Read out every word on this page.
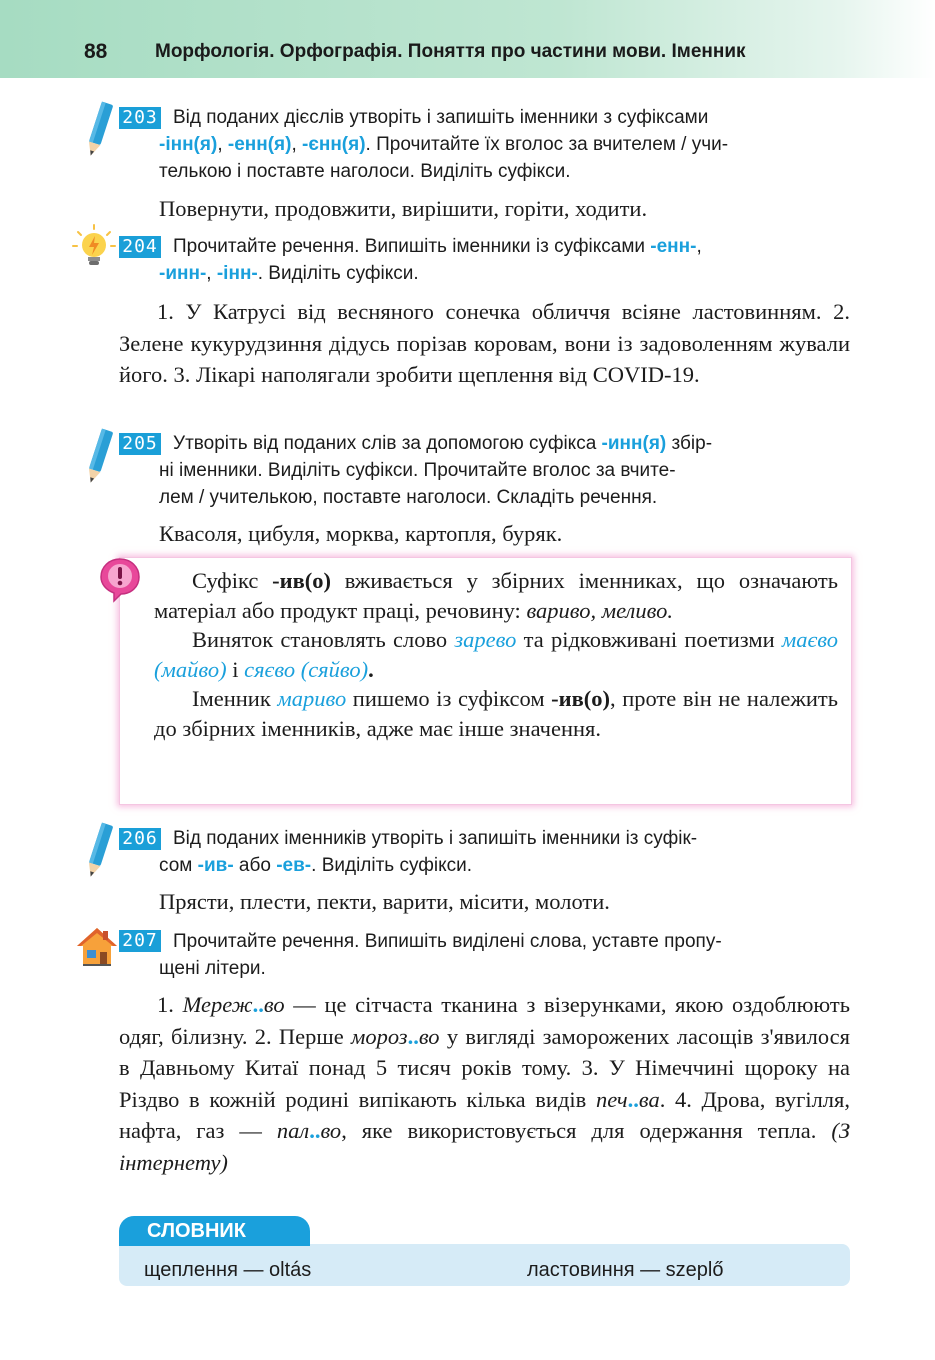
88	Морфологія. Орфографія. Поняття про частини мови. Іменник
203 Від поданих дієслів утворіть і запишіть іменники з суфіксами
-інн(я), -енн(я), -єнн(я). Прочитайте їх вголос за вчителем / учи-
телькою і поставте наголоси. Виділіть суфікси.
Повернути, продовжити, вирішити, горіти, ходити.
204 Прочитайте речення. Випишіть іменники із суфіксами -енн-,
-инн-, -інн-. Виділіть суфікси.
1. У Катрусі від весняного сонечка обличчя всіяне ластовинням. 2. Зелене кукурудзиння дідусь порізав коровам, вони із задоволенням жували його. 3. Лікарі наполягали зробити щеплення від COVID-19.
205 Утворіть від поданих слів за допомогою суфікса -инн(я) збір-
ні іменники. Виділіть суфікси. Прочитайте вголос за вчите-
лем / учителькою, поставте наголоси. Складіть речення.
Квасоля, цибуля, морква, картопля, буряк.

Суфікс -ив(о) вживається у збірних іменниках, що означають матеріал або продукт праці, речовину: вариво, меливо.

Виняток становлять слово зарево та рідковживані поетизми маєво (майво) і сяєво (сяйво).

Іменник мариво пишемо із суфіксом -ив(о), проте він не належить до збірних іменників, адже має інше значення.

206 Від поданих іменників утворіть і запишіть іменники із суфік-
сом -ив- або -ев-. Виділіть суфікси.
Прясти, плести, пекти, варити, місити, молоти.
207 Прочитайте речення. Випишіть виділені слова, уставте пропу-
щені літери.
1. Мереж..во — це сітчаста тканина з візерунками, якою оздоблюють одяг, білизну. 2. Перше мороз..во у вигляді заморожених ласощів з'явилося в Давньому Китаї понад 5 тисяч років тому. 3. У Німеччині щороку на Різдво в кожній родині випікають кілька видів печ..ва. 4. Дрова, вугілля, нафта, газ — пал..во, яке використовується для одержання тепла. (З інтернету)
СЛОВНИК
щеплення — oltás	ластовиння — szeplő
